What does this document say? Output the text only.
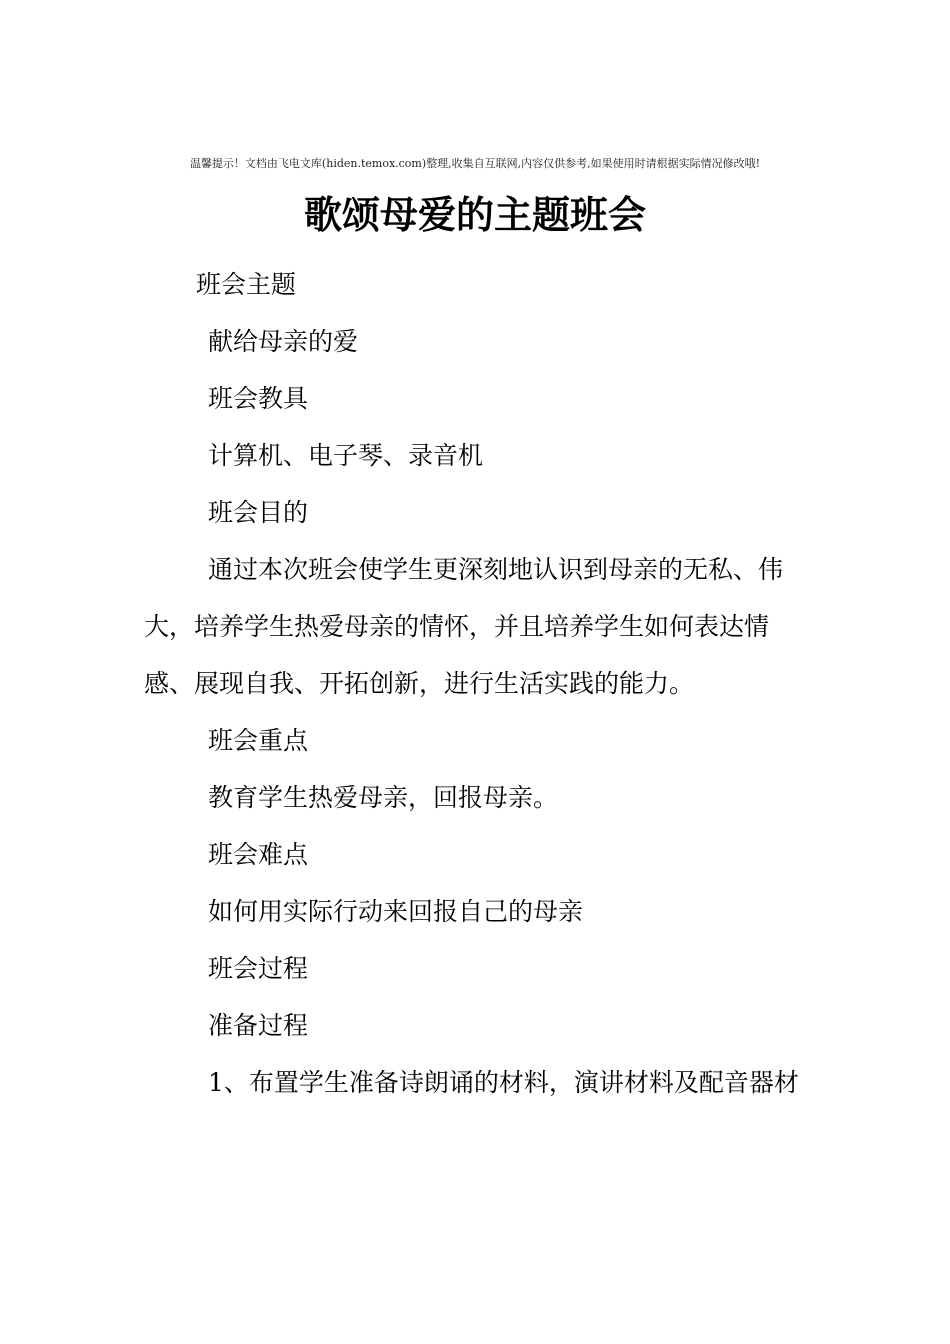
温馨提示！文档由飞电文库(hiden.temox.com)整理,收集自互联网,内容仅供参考,如果使用时请根据实际情况修改哦!
歌颂母爱的主题班会

班会主题

献给母亲的爱

班会教具

计算机、电子琴、录音机

班会目的

通过本次班会使学生更深刻地认识到母亲的无私、伟大，培养学生热爱母亲的情怀，并且培养学生如何表达情感、展现自我、开拓创新，进行生活实践的能力。

班会重点

教育学生热爱母亲，回报母亲。

班会难点

如何用实际行动来回报自己的母亲

班会过程

准备过程

1、布置学生准备诗朗诵的材料，演讲材料及配音器材
